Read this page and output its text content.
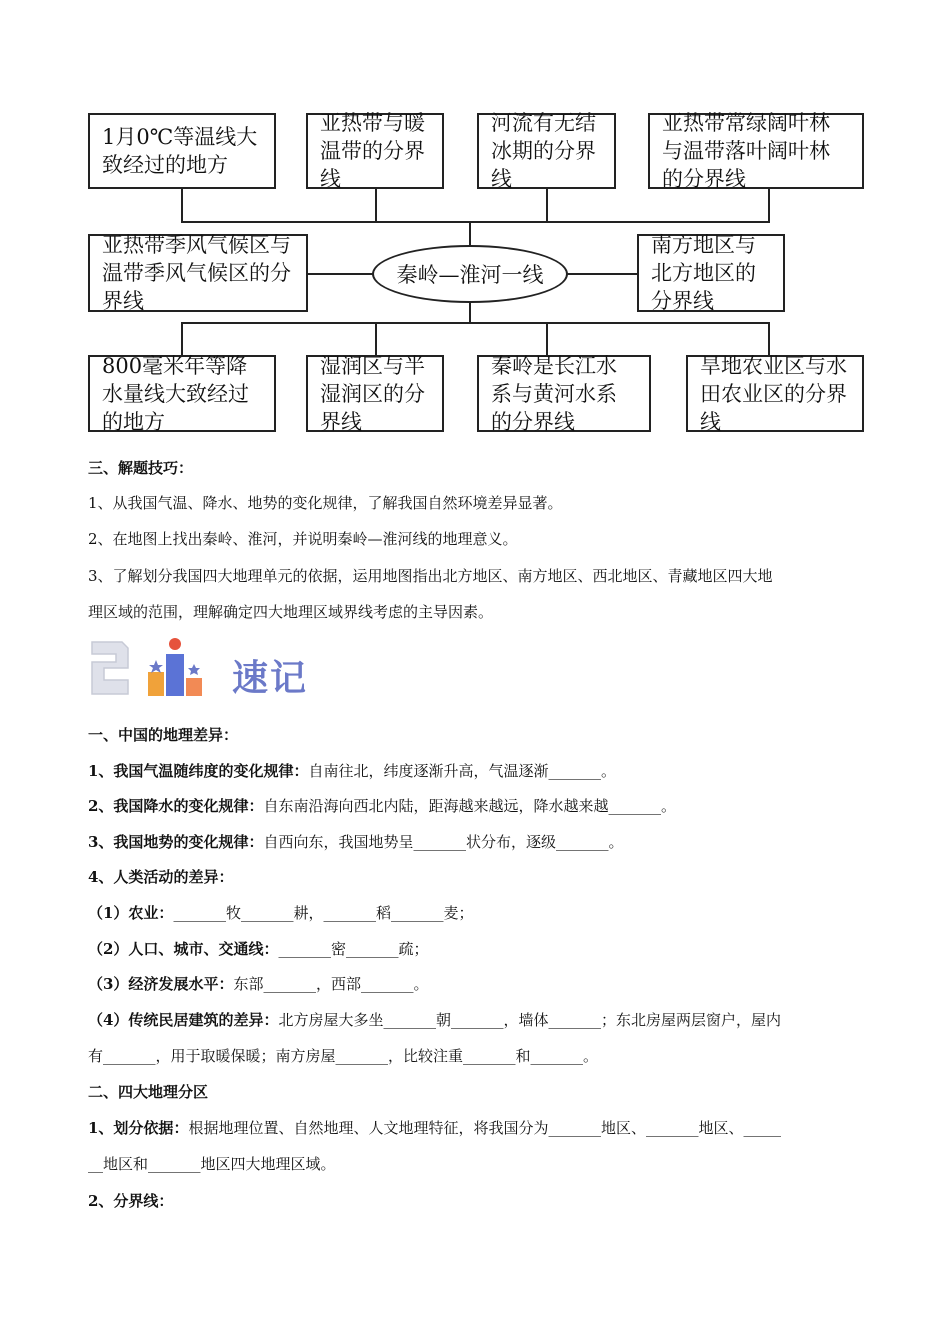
1月0℃等温线大致经过的地方
亚热带与暖温带的分界线
河流有无结冰期的分界线
亚热带常绿阔叶林与温带落叶阔叶林的分界线
亚热带季风气候区与温带季风气候区的分界线
秦岭—淮河一线
南方地区与北方地区的分界线
800毫米年等降水量线大致经过的地方
湿润区与半湿润区的分界线
秦岭是长江水系与黄河水系的分界线
旱地农业区与水田农业区的分界线
三、解题技巧：
1、从我国气温、降水、地势的变化规律，了解我国自然环境差异显著。
2、在地图上找出秦岭、淮河，并说明秦岭—淮河线的地理意义。
3、了解划分我国四大地理单元的依据，运用地图指出北方地区、南方地区、西北地区、青藏地区四大地
理区域的范围，理解确定四大地理区域界线考虑的主导因素。
速记
一、中国的地理差异：
1、我国气温随纬度的变化规律：自南往北，纬度逐渐升高，气温逐渐_______。
2、我国降水的变化规律：自东南沿海向西北内陆，距海越来越远，降水越来越_______。
3、我国地势的变化规律：自西向东，我国地势呈_______状分布，逐级_______。
4、人类活动的差异：
（1）农业：_______牧_______耕，_______稻_______麦；
（2）人口、城市、交通线：_______密_______疏；
（3）经济发展水平：东部_______，西部_______。
（4）传统民居建筑的差异：北方房屋大多坐_______朝_______，墙体_______；东北房屋两层窗户，屋内
有_______，用于取暖保暖；南方房屋_______，比较注重_______和_______。
二、四大地理分区
1、划分依据：根据地理位置、自然地理、人文地理特征，将我国分为_______地区、_______地区、_____
__地区和_______地区四大地理区域。
2、分界线：
